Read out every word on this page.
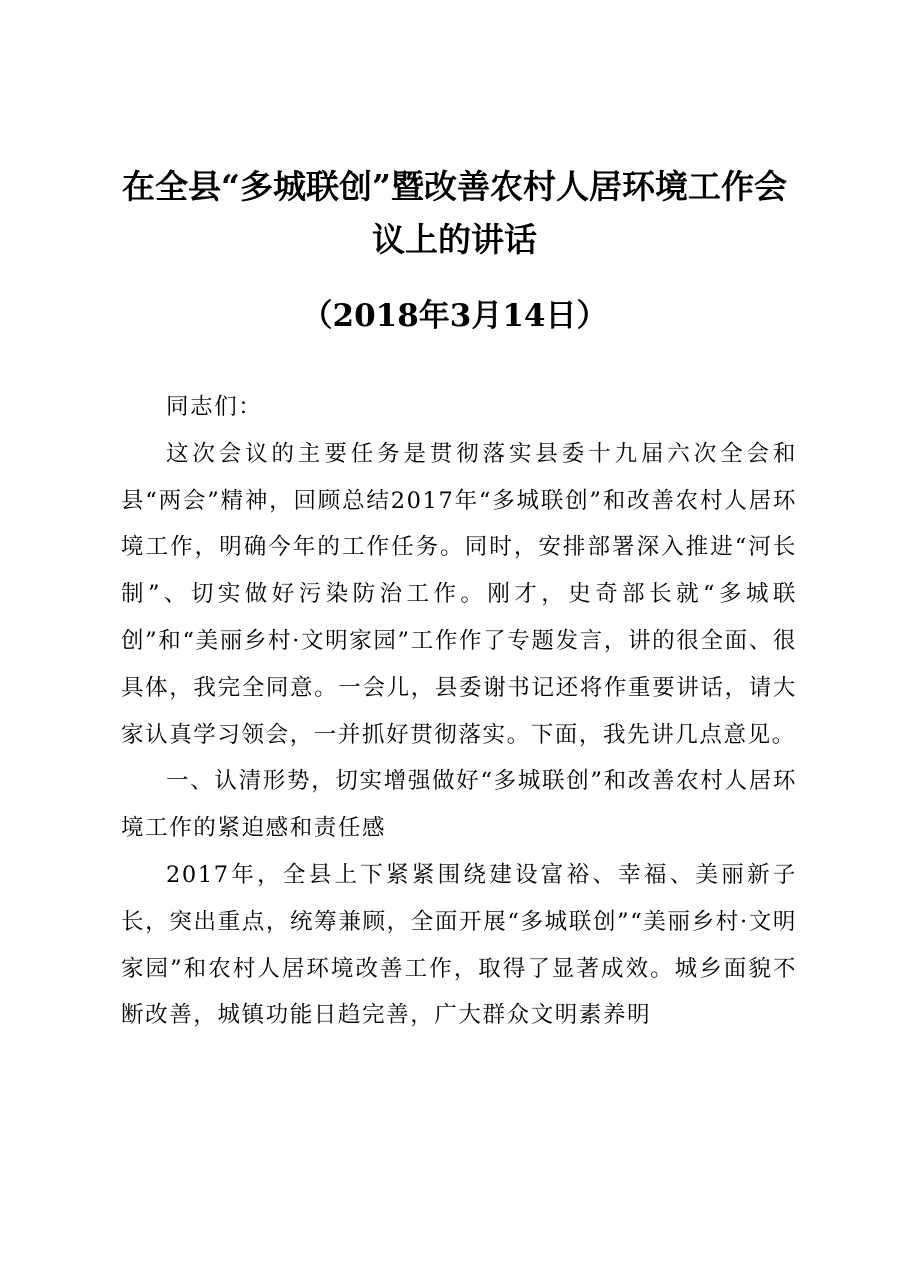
在全县“多城联创”暨改善农村人居环境工作会议上的讲话
（2018年3月14日）

同志们：

这次会议的主要任务是贯彻落实县委十九届六次全会和县“两会”精神，回顾总结2017年“多城联创”和改善农村人居环境工作，明确今年的工作任务。同时，安排部署深入推进“河长制”、切实做好污染防治工作。刚才，史奇部长就“多城联创”和“美丽乡村·文明家园”工作作了专题发言，讲的很全面、很具体，我完全同意。一会儿，县委谢书记还将作重要讲话，请大家认真学习领会，一并抓好贯彻落实。下面，我先讲几点意见。

一、认清形势，切实增强做好“多城联创”和改善农村人居环境工作的紧迫感和责任感

2017年，全县上下紧紧围绕建设富裕、幸福、美丽新子长，突出重点，统筹兼顾，全面开展“多城联创”“美丽乡村·文明家园”和农村人居环境改善工作，取得了显著成效。城乡面貌不断改善，城镇功能日趋完善，广大群众文明素养明
